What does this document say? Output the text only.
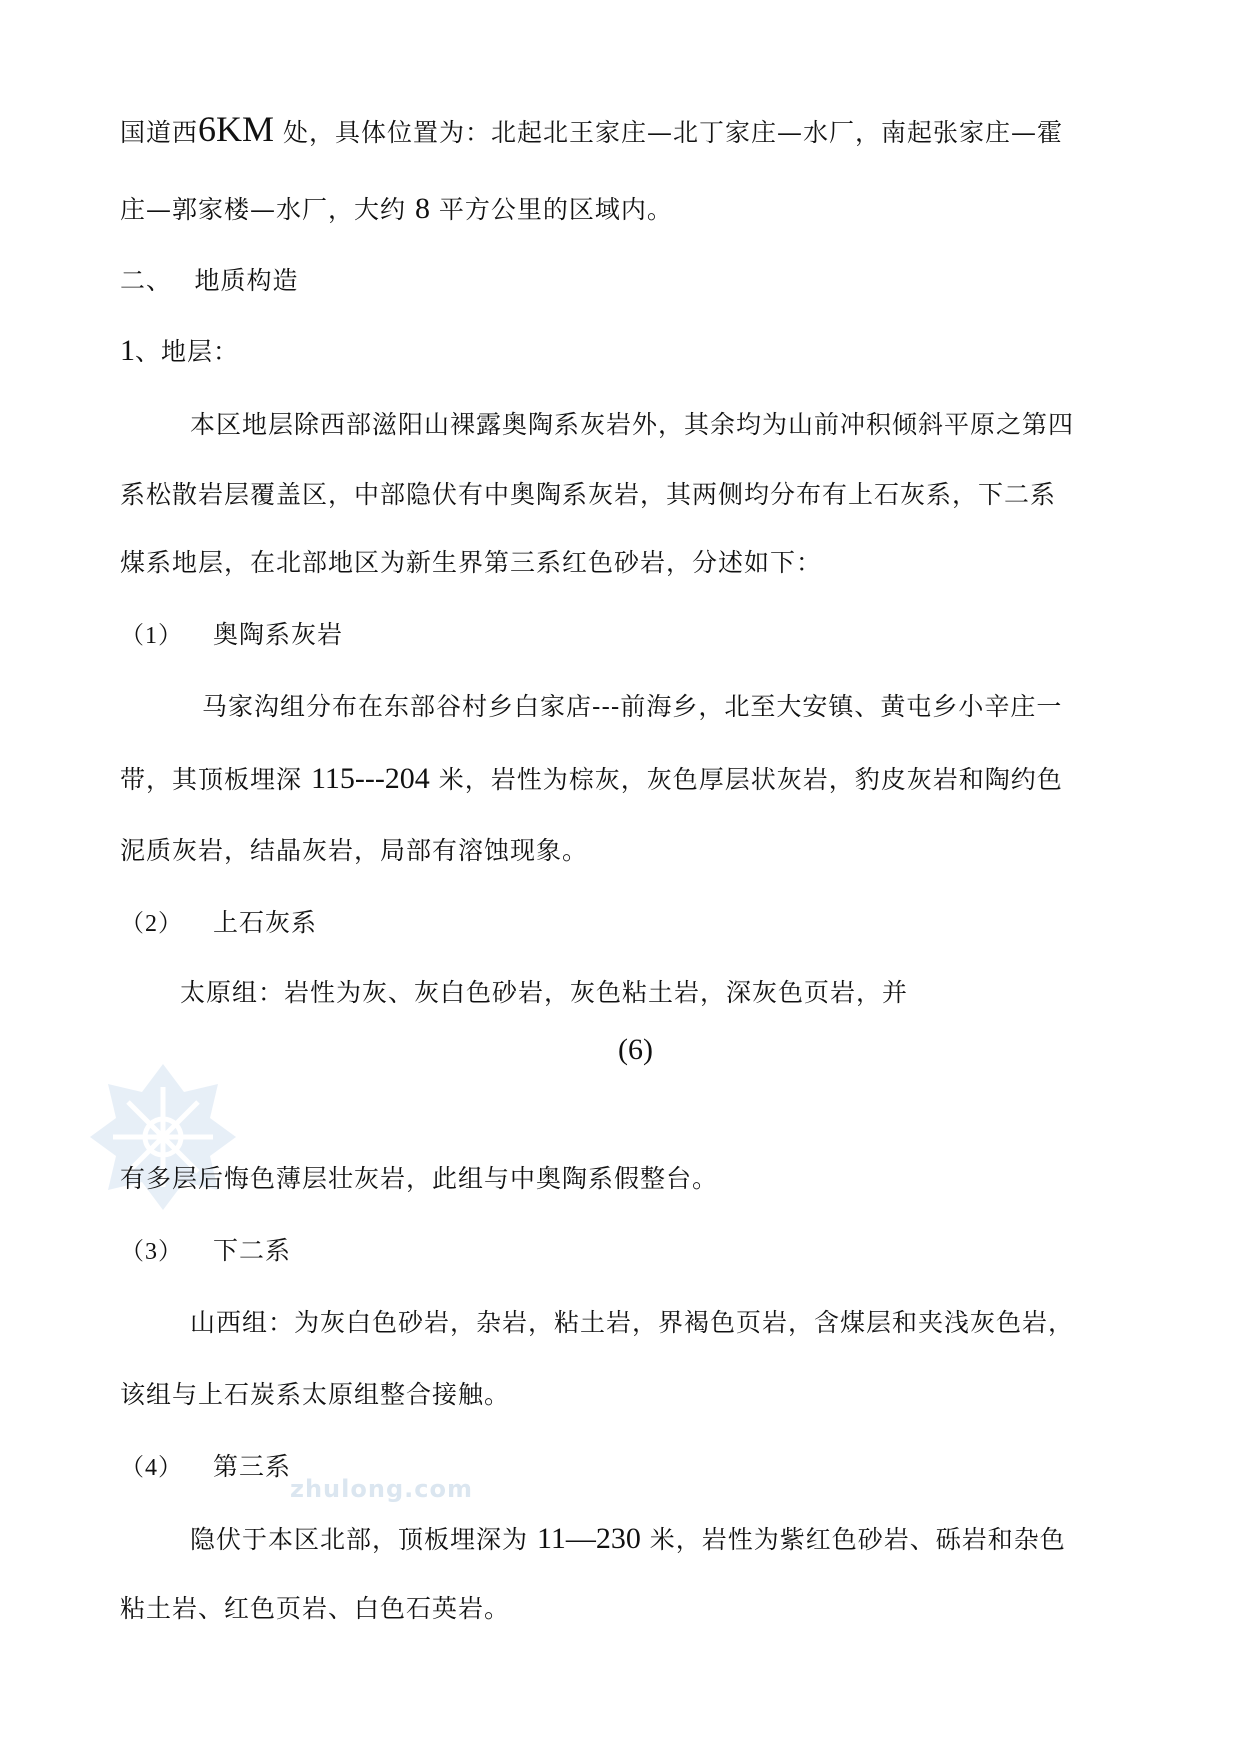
zhulong.com

国道西6KM 处，具体位置为：北起北王家庄—北丁家庄—水厂，南起张家庄—霍

庄—郭家楼—水厂，大约 8 平方公里的区域内。

二、　 地质构造

1、地层：

本区地层除西部滋阳山裸露奥陶系灰岩外，其余均为山前冲积倾斜平原之第四

系松散岩层覆盖区，中部隐伏有中奥陶系灰岩，其两侧均分布有上石灰系，下二系

煤系地层，在北部地区为新生界第三系红色砂岩，分述如下：

（1） 奥陶系灰岩

马家沟组分布在东部谷村乡白家店---前海乡，北至大安镇、黄屯乡小辛庄一

带，其顶板埋深 115---204 米，岩性为棕灰，灰色厚层状灰岩，豹皮灰岩和陶约色

泥质灰岩，结晶灰岩，局部有溶蚀现象。

（2） 上石灰系

太原组：岩性为灰、灰白色砂岩，灰色粘土岩，深灰色页岩，并

(6)

有多层后悔色薄层壮灰岩，此组与中奥陶系假整台。

（3） 下二系

山西组：为灰白色砂岩，杂岩，粘土岩，界褐色页岩，含煤层和夹浅灰色岩，

该组与上石炭系太原组整合接触。

（4） 第三系

隐伏于本区北部，顶板埋深为 11—230 米，岩性为紫红色砂岩、砾岩和杂色

粘土岩、红色页岩、白色石英岩。
